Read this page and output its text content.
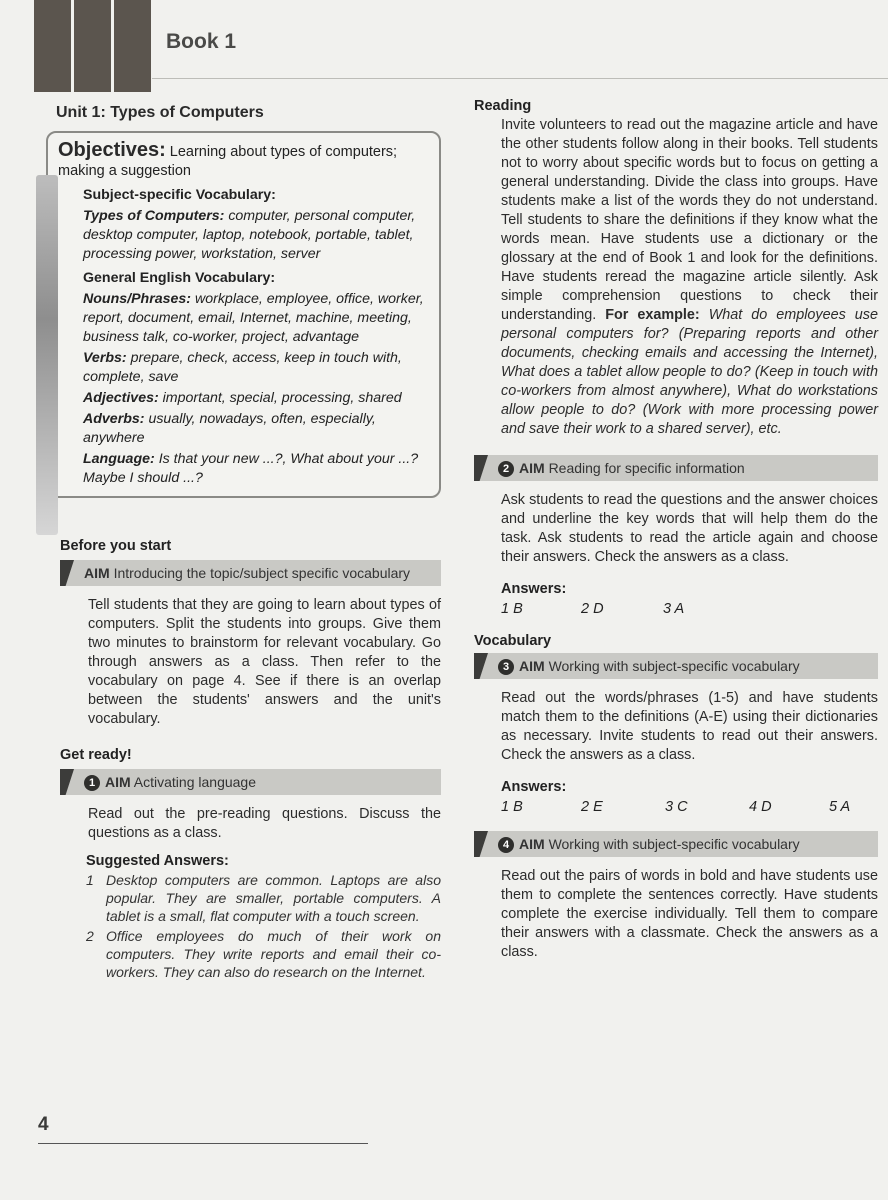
Book 1
Unit 1: Types of Computers
Objectives: Learning about types of computers; making a suggestion
Subject-specific Vocabulary:
Types of Computers: computer, personal computer, desktop computer, laptop, notebook, portable, tablet, processing power, workstation, server
General English Vocabulary:
Nouns/Phrases: workplace, employee, office, worker, report, document, email, Internet, machine, meeting, business talk, co-worker, project, advantage
Verbs: prepare, check, access, keep in touch with, complete, save
Adjectives: important, special, processing, shared
Adverbs: usually, nowadays, often, especially, anywhere
Language: Is that your new ...?, What about your ...? Maybe I should ...?
Before you start
AIM Introducing the topic/subject specific vocabulary
Tell students that they are going to learn about types of computers. Split the students into groups. Give them two minutes to brainstorm for relevant vocabulary. Go through answers as a class. Then refer to the vocabulary on page 4. See if there is an overlap between the students' answers and the unit's vocabulary.
Get ready!
1 AIM Activating language
Read out the pre-reading questions. Discuss the questions as a class.
Suggested Answers:
1 Desktop computers are common. Laptops are also popular. They are smaller, portable computers. A tablet is a small, flat computer with a touch screen.
2 Office employees do much of their work on computers. They write reports and email their co-workers. They can also do research on the Internet.
Reading
Invite volunteers to read out the magazine article and have the other students follow along in their books. Tell students not to worry about specific words but to focus on getting a general understanding. Divide the class into groups. Have students make a list of the words they do not understand. Tell students to share the definitions if they know what the words mean. Have students use a dictionary or the glossary at the end of Book 1 and look for the definitions. Have students reread the magazine article silently. Ask simple comprehension questions to check their understanding. For example: What do employees use personal computers for? (Preparing reports and other documents, checking emails and accessing the Internet), What does a tablet allow people to do? (Keep in touch with co-workers from almost anywhere), What do workstations allow people to do? (Work with more processing power and save their work to a shared server), etc.
2 AIM Reading for specific information
Ask students to read the questions and the answer choices and underline the key words that will help them do the task. Ask students to read the article again and choose their answers. Check the answers as a class.
Answers:
1 B	2 D	3 A
Vocabulary
3 AIM Working with subject-specific vocabulary
Read out the words/phrases (1-5) and have students match them to the definitions (A-E) using their dictionaries as necessary. Invite students to read out their answers. Check the answers as a class.
Answers:
1 B	2 E	3 C	4 D	5 A
4 AIM Working with subject-specific vocabulary
Read out the pairs of words in bold and have students use them to complete the sentences correctly. Have students complete the exercise individually. Tell them to compare their answers with a classmate. Check the answers as a class.
4
